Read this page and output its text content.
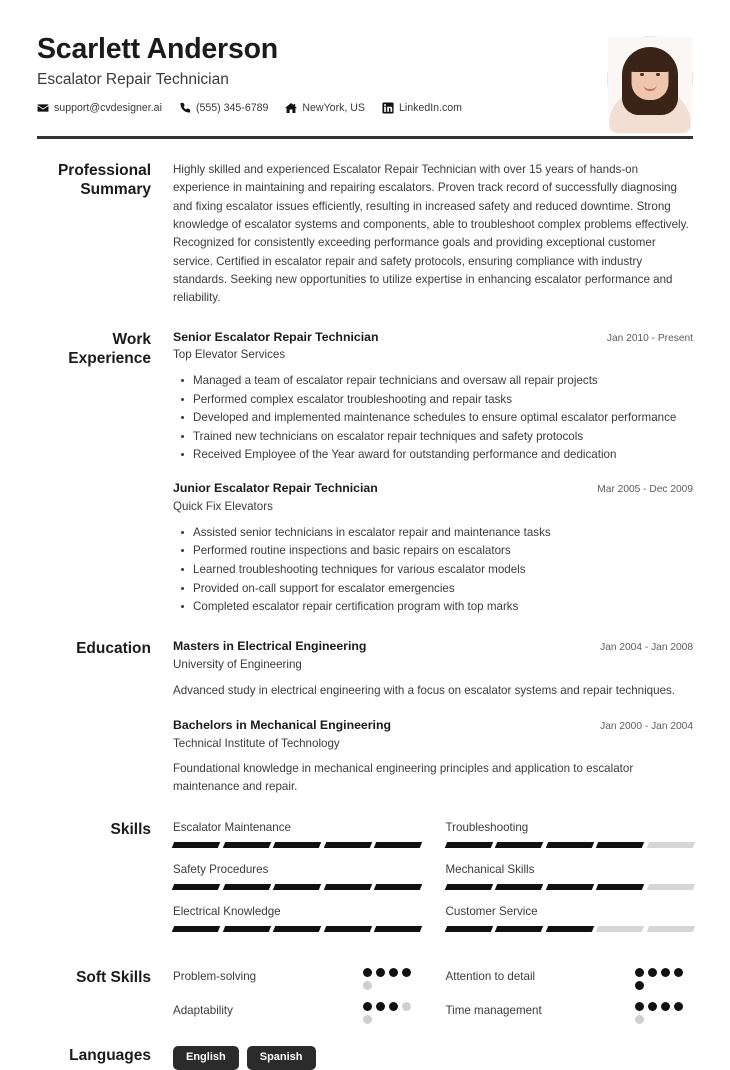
Scarlett Anderson
Escalator Repair Technician
support@cvdesigner.ai	(555) 345-6789	NewYork, US	LinkedIn.com
Professional Summary
Highly skilled and experienced Escalator Repair Technician with over 15 years of hands-on experience in maintaining and repairing escalators. Proven track record of successfully diagnosing and fixing escalator issues efficiently, resulting in increased safety and reduced downtime. Strong knowledge of escalator systems and components, able to troubleshoot complex problems effectively. Recognized for consistently exceeding performance goals and providing exceptional customer service. Certified in escalator repair and safety protocols, ensuring compliance with industry standards. Seeking new opportunities to utilize expertise in enhancing escalator performance and reliability.
Work Experience
Senior Escalator Repair Technician	Jan 2010 - Present
Top Elevator Services
Managed a team of escalator repair technicians and oversaw all repair projects
Performed complex escalator troubleshooting and repair tasks
Developed and implemented maintenance schedules to ensure optimal escalator performance
Trained new technicians on escalator repair techniques and safety protocols
Received Employee of the Year award for outstanding performance and dedication
Junior Escalator Repair Technician	Mar 2005 - Dec 2009
Quick Fix Elevators
Assisted senior technicians in escalator repair and maintenance tasks
Performed routine inspections and basic repairs on escalators
Learned troubleshooting techniques for various escalator models
Provided on-call support for escalator emergencies
Completed escalator repair certification program with top marks
Education	Masters in Electrical Engineering	Jan 2004 - Jan 2008
University of Engineering
Advanced study in electrical engineering with a focus on escalator systems and repair techniques.
Bachelors in Mechanical Engineering	Jan 2000 - Jan 2004
Technical Institute of Technology
Foundational knowledge in mechanical engineering principles and application to escalator maintenance and repair.
Skills	Escalator Maintenance	Troubleshooting
Safety Procedures	Mechanical Skills
Electrical Knowledge	Customer Service
Soft Skills	Problem-solving	Attention to detail
Adaptability	Time management
Languages	English	Spanish
